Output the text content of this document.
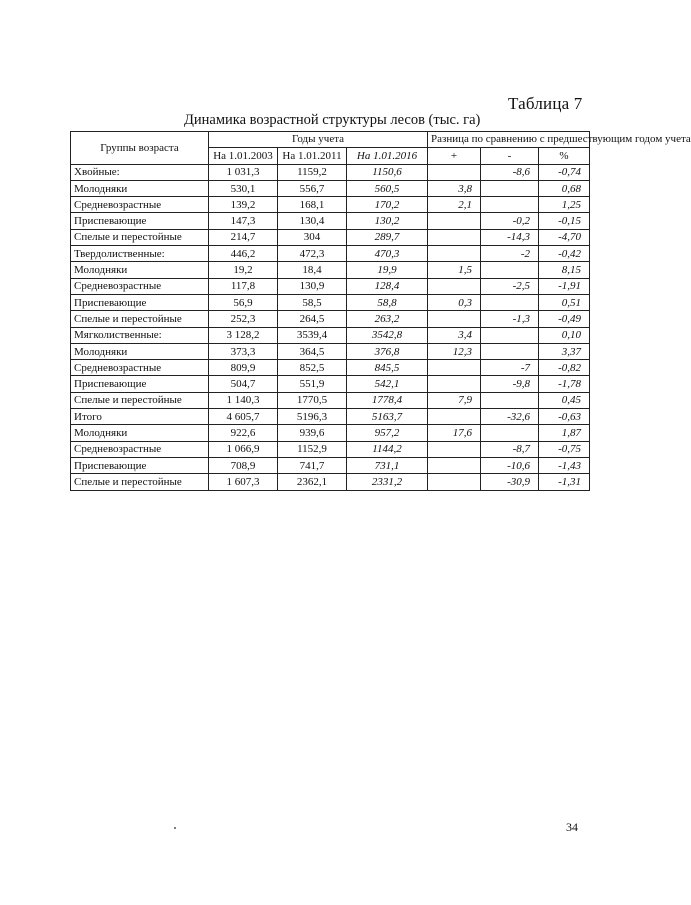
Таблица 7
Динамика возрастной структуры лесов (тыс. га)
Группы возраста	Годы учета			Разница по сравнению с предшествующим годом учета		

	На 1.01.2003	На 1.01.2011	На 1.01.2016	+	-	%
Хвойные:	1 031,3	1159,2	1150,6		-8,6	-0,74
Молодняки	530,1	556,7	560,5	3,8		0,68
Средневозрастные	139,2	168,1	170,2	2,1		1,25
Приспевающие	147,3	130,4	130,2		-0,2	-0,15
Спелые и перестойные	214,7	304	289,7		-14,3	-4,70
Твердолиственные:	446,2	472,3	470,3		-2	-0,42
Молодняки	19,2	18,4	19,9	1,5		8,15
Средневозрастные	117,8	130,9	128,4		-2,5	-1,91
Приспевающие	56,9	58,5	58,8	0,3		0,51
Спелые и перестойные	252,3	264,5	263,2		-1,3	-0,49
Мягколиственные:	3 128,2	3539,4	3542,8	3,4		0,10
Молодняки	373,3	364,5	376,8	12,3		3,37
Средневозрастные	809,9	852,5	845,5		-7	-0,82
Приспевающие	504,7	551,9	542,1		-9,8	-1,78
Спелые и перестойные	1 140,3	1770,5	1778,4	7,9		0,45
Итого	4 605,7	5196,3	5163,7		-32,6	-0,63
Молодняки	922,6	939,6	957,2	17,6		1,87
Средневозрастные	1 066,9	1152,9	1144,2		-8,7	-0,75
Приспевающие	708,9	741,7	731,1		-10,6	-1,43
Спелые и перестойные	1 607,3	2362,1	2331,2		-30,9	-1,31
34
